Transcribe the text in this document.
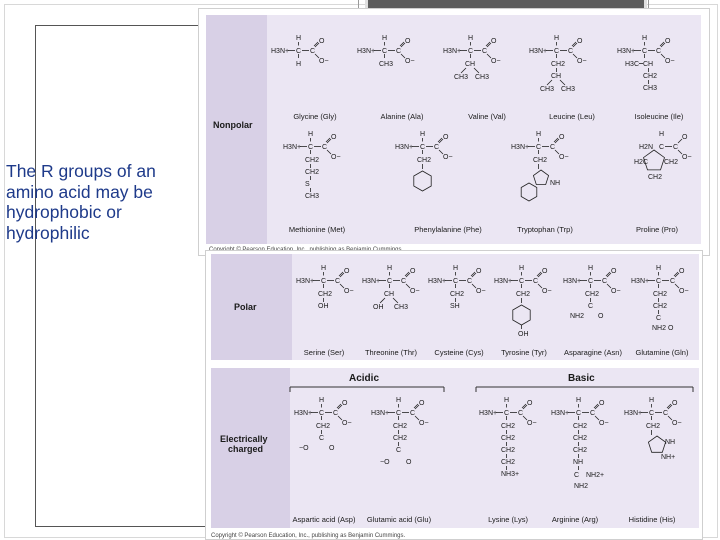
The R groups of an
amino acid may be
hydrophobic or
hydrophilic
Nonpolar
H3N+ C
H
C
O
O−
H
H3N+ C
H
C
O
O−
CH3
H3N+ C
H
C
O
O−
CH
CH3 CH3
H3N+ C
H
C
O
O−
CH2
CH
CH3 CH3
H3N+ C
H
C
O
O−
H3C CH
CH2
CH3
H3N+ C
H
C
O
O−
CH2
CH2
S
CH3
H3N+ C
H
C
O
O−
CH2
H3N+ C
H
C
O
O−
CH2
NH
H2N
H
C C
O
O−
H2C CH2
CH2
Glycine (Gly)	Alanine (Ala)	Valine (Val)	Leucine (Leu)	Isoleucine (Ile)
Methionine (Met)	Phenylalanine (Phe)	Tryptophan (Trp)	Proline (Pro)
Polar
H3N+ C
H
C
O
O−
CH2
OH
H3N+ C
H
C
O
O−
CH
OH CH3
H3N+ C
H
C
O
O−
CH2
SH
H3N+ C
H
C
O
O−
CH2
OH
H3N+ C
H
C
O
O−
CH2
C
NH2 O
H3N+ C
H
C
O
O−
CH2
CH2
C
NH2 O
Serine (Ser)	Threonine (Thr) Cysteine (Cys) Tyrosine (Tyr) Asparagine (Asn) Glutamine (Gln)
Electrically
charged
Acidic	Basic
H3N+ C
H
C
O
O−
CH2
C
−O	O
H3N+ C
H
C
O
O−
CH2
CH2
C
−O O
H3N+ C
H
C
O
O−
CH2
CH2
CH2
CH2
NH3+
H3N+ C
H
C
O
O−
CH2
CH2
CH2
NH
C NH2+
NH2
H3N+ C
H
C
O
O−
CH2
NH
NH+
Aspartic acid (Asp) Glutamic acid (Glu)	Lysine (Lys)	Arginine (Arg)	Histidine (His)
Copyright © Pearson Education, Inc., publishing as Benjamin Cummings.
